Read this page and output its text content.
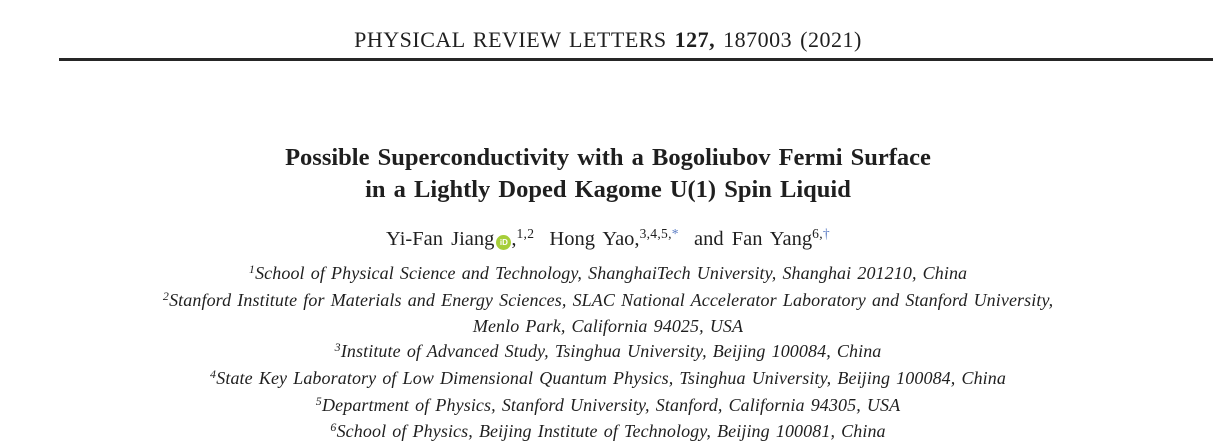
PHYSICAL REVIEW LETTERS 127, 187003 (2021)
Possible Superconductivity with a Bogoliubov Fermi Surface
in a Lightly Doped Kagome U(1) Spin Liquid

Yi-Fan Jiang iD ,$^{1,2}$ Hong Yao,$^{3,4,5,*}$ and Fan Yang$^{6,\dagger}$

$^1$School of Physical Science and Technology, ShanghaiTech University, Shanghai 201210, China
$^2$Stanford Institute for Materials and Energy Sciences, SLAC National Accelerator Laboratory and Stanford University,
Menlo Park, California 94025, USA
$^3$Institute of Advanced Study, Tsinghua University, Beijing 100084, China
$^4$State Key Laboratory of Low Dimensional Quantum Physics, Tsinghua University, Beijing 100084, China
$^5$Department of Physics, Stanford University, Stanford, California 94305, USA
$^6$School of Physics, Beijing Institute of Technology, Beijing 100081, China
